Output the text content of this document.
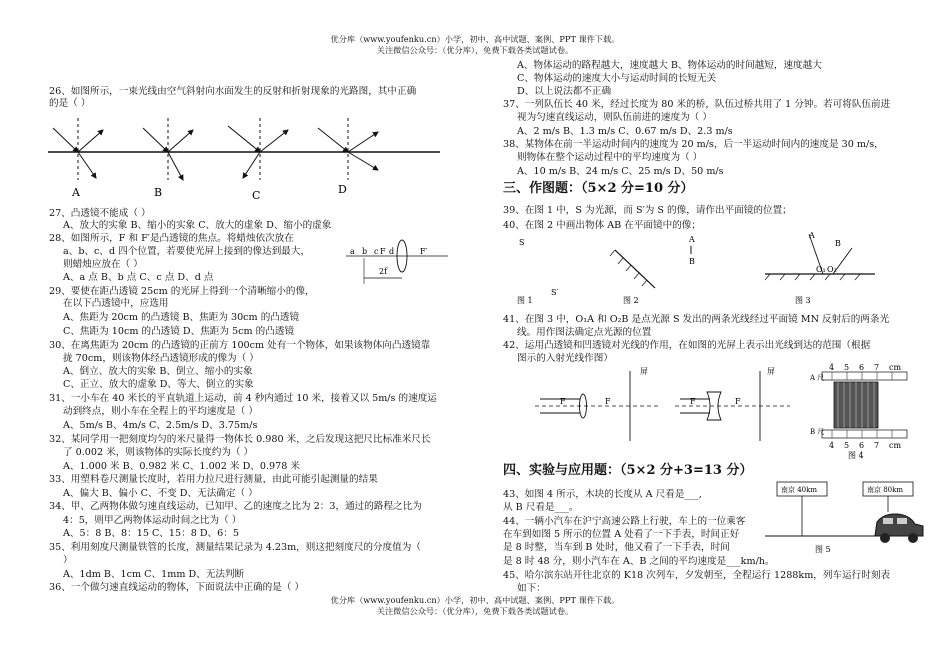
优分库（www.youfenku.cn）小学，初中、高中试题、案例、PPT 课件下载。
关注微信公众号：（优分库），免费下载各类试题试卷。
26、如图所示，一束光线由空气斜射向水面发生的反射和折射现象的光路图，其中正确
的是（ ）
A	B	C	D
27、凸透镜不能成（ ）
A、放大的实象 B、缩小的实象 C、放大的虚象 D、缩小的虚象
28、如图所示，F 和 F′是凸透镜的焦点。将蜡烛依次放在
a、b、c、d 四个位置，若要使光屏上接到的像达到最大，
则蜡烛应放在（ ）
A、a 点 B、b 点 C、c 点 D、d 点
a b c F d	F′
2f
29、要使在距凸透镜 25cm 的光屏上得到一个清晰缩小的像，
在以下凸透镜中，应选用
A、焦距为 20cm 的凸透镜 B、焦距为 30cm 的凸透镜
C、焦距为 10cm 的凸透镜 D、焦距为 5cm 的凸透镜
30、在离焦距为 20cm 的凸透镜的正前方 100cm 处有一个物体，如果该物体向凸透镜靠
拢 70cm，则该物体经凸透镜形成的像为（ ）
A、倒立、放大的实象 B、倒立、缩小的实象
C、正立、放大的虚象 D、等大、倒立的实象
31、一小车在 40 米长的平直轨道上运动，前 4 秒内通过 10 米，接着又以 5m/s 的速度运
动到终点，则小车在全程上的平均速度是（ ）
A、5m/s B、4m/s C、2.5m/s D、3.75m/s
32、某同学用一把刻度均匀的米尺量得一物体长 0.980 米，之后发现这把尺比标准米尺长
了 0.002 米，则该物体的实际长度约为（ ）
A、1.000 米 B、0.982 米 C、1.002 米 D、0.978 米
33、用塑料卷尺测量长度时，若用力拉尺进行测量，由此可能引起测量的结果
A、偏大 B、偏小 C、不变 D、无法确定（ ）
34、甲、乙两物体做匀速直线运动，已知甲、乙的速度之比为 2：3，通过的路程之比为
4：5，则甲乙两物体运动时间之比为（ ）
A、5：8 B、8：15 C、15：8 D、6：5
35、利用刻度尺测量铁管的长度，测量结果记录为 4.23m，则这把刻度尺的分度值为（
）
A、1dm B、1cm C、1mm D、无法判断
36、一个做匀速直线运动的物体，下面说法中正确的是（ ）
A、物体运动的路程越大，速度越大 B、物体运动的时间越短，速度越大
C、物体运动的速度大小与运动时间的长短无关
D、以上说法都不正确
37、一列队伍长 40 米，经过长度为 80 米的桥，队伍过桥共用了 1 分钟。若可将队伍前进
视为匀速直线运动，则队伍前进的速度为（ ）
A、2 m/s B、1.3 m/s C、0.67 m/s D、2.3 m/s
38、某物体在前一半运动时间内的速度为 20 m/s，后一半运动时间内的速度是 30 m/s，
则物体在整个运动过程中的平均速度为（ ）
A、10 m/s B、24 m/s C、25 m/s D、50 m/s
三、作图题：（5×2 分=10 分）
39、在图 1 中，S 为光源，而 S′为 S 的像，请作出平面镜的位置；
40、在图 2 中画出物体 AB 在平面镜中的像；
S
S′
图 1
A
B
图 2
A
B
O₁ O₂
图 3
41、在图 3 中，O₁A 和 O₂B 是点光源 S 发出的两条光线经过平面镜 MN 反射后的两条光
线。用作图法确定点光源的位置
42、运用凸透镜和凹透镜对光线的作用，在如图的光屏上表示出光线到达的范围（根据
图示的入射光线作图）
F	F
屏
F	F
屏	4 5 6 7 cm
A 尺
B 尺
4 5 6 7 cm
图 4
四、实验与应用题：（5×2 分+3=13 分）
43、如图 4 所示，木块的长度从 A 尺看是___,
从 B 尺看是___。
44、一辆小汽车在沪宁高速公路上行驶，车上的一位乘客
在车到如图 5 所示的位置 A 处看了一下手表，时间正好
是 8 时整，当车到 B 处时，他又看了一下手表，时间
是 8 时 48 分，则小汽车在 A、B 之间的平均速度是___km/h。
南京 40km	南京 80km
图 5
45、哈尔滨东站开往北京的 K18 次列车，夕发朝至，全程运行 1288km，列车运行时刻表
如下：
优分库（www.youfenku.cn）小学，初中、高中试题、案例、PPT 课件下载。
关注微信公众号：（优分库），免费下载各类试题试卷。
